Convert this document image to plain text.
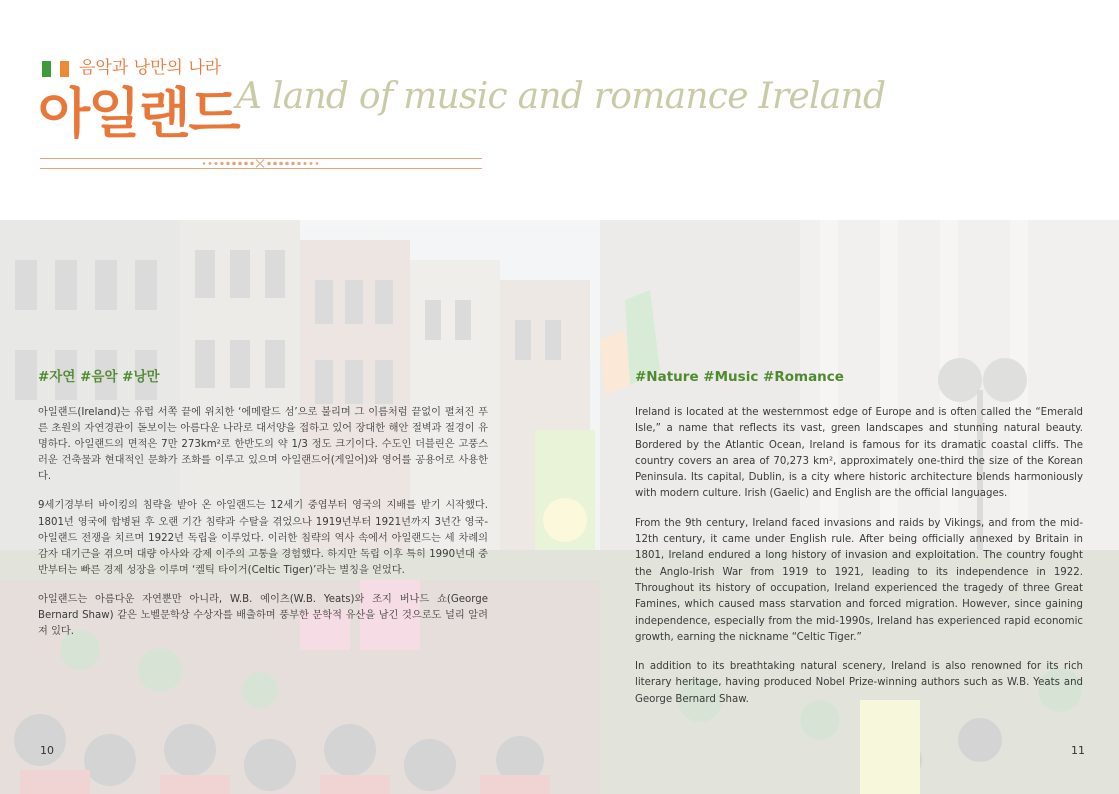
음악과 낭만의 나라
아일랜드
A land of music and romance Ireland
#자연 #음악 #낭만

아일랜드(Ireland)는 유럽 서쪽 끝에 위치한 ‘에메랄드 섬’으로 불리며 그 이름처럼 끝없이 펼쳐진 푸른 초원의 자연경관이 돋보이는 아름다운 나라로 대서양을 접하고 있어 장대한 해안 절벽과 절경이 유명하다. 아일랜드의 면적은 7만 273km²로 한반도의 약 1/3 정도 크기이다. 수도인 더블린은 고풍스러운 건축물과 현대적인 문화가 조화를 이루고 있으며 아일랜드어(게일어)와 영어를 공용어로 사용한다.

9세기경부터 바이킹의 침략을 받아 온 아일랜드는 12세기 중엽부터 영국의 지배를 받기 시작했다. 1801년 영국에 합병된 후 오랜 기간 침략과 수탈을 겪었으나 1919년부터 1921년까지 3년간 영국-아일랜드 전쟁을 치르며 1922년 독립을 이루었다. 이러한 침략의 역사 속에서 아일랜드는 세 차례의 감자 대기근을 겪으며 대량 아사와 강제 이주의 고통을 경험했다. 하지만 독립 이후 특히 1990년대 중반부터는 빠른 경제 성장을 이루며 ‘켈틱 타이거(Celtic Tiger)’라는 별칭을 얻었다.

아일랜드는 아름다운 자연뿐만 아니라, W.B. 예이츠(W.B. Yeats)와 조지 버나드 쇼(George Bernard Shaw) 같은 노벨문학상 수상자를 배출하며 풍부한 문학적 유산을 남긴 것으로도 널리 알려져 있다.

10
#Nature #Music #Romance

Ireland is located at the westernmost edge of Europe and is often called the “Emerald Isle,” a name that reflects its vast, green landscapes and stunning natural beauty. Bordered by the Atlantic Ocean, Ireland is famous for its dramatic coastal cliffs. The country covers an area of 70,273 km², approximately one-third the size of the Korean Peninsula. Its capital, Dublin, is a city where historic architecture blends harmoniously with modern culture. Irish (Gaelic) and English are the official languages.

From the 9th century, Ireland faced invasions and raids by Vikings, and from the mid-12th century, it came under English rule. After being officially annexed by Britain in 1801, Ireland endured a long history of invasion and exploitation. The country fought the Anglo-Irish War from 1919 to 1921, leading to its independence in 1922. Throughout its history of occupation, Ireland experienced the tragedy of three Great Famines, which caused mass starvation and forced migration. However, since gaining independence, especially from the mid-1990s, Ireland has experienced rapid economic growth, earning the nickname “Celtic Tiger.”

In addition to its breathtaking natural scenery, Ireland is also renowned for its rich literary heritage, having produced Nobel Prize-winning authors such as W.B. Yeats and George Bernard Shaw.

11
